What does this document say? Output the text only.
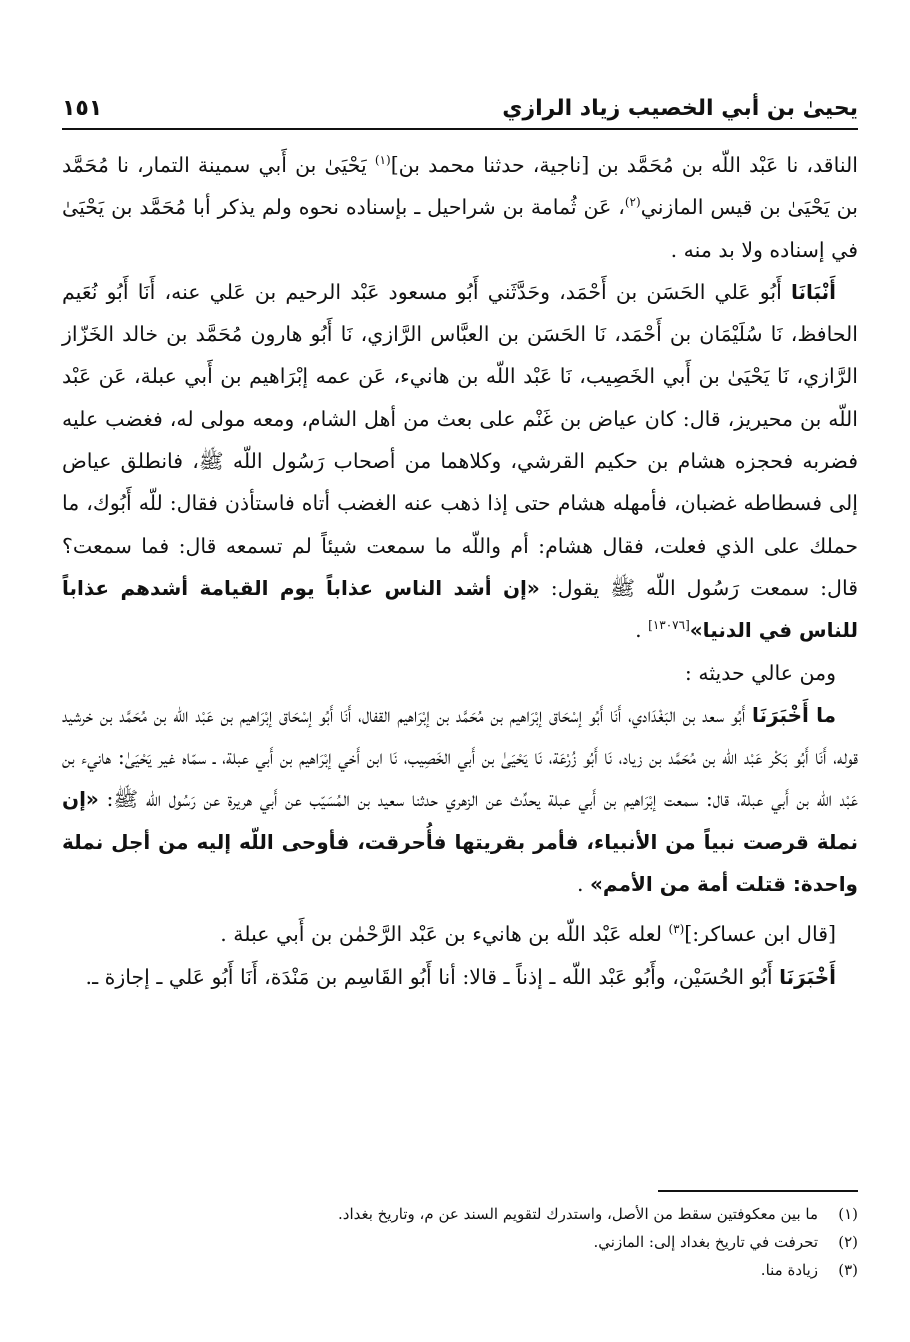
يحيىٰ بن أبي الخصيب زياد الرازي
١٥١

الناقد، نا عَبْد اللّه بن مُحَمَّد بن [ناجية، حدثنا محمد بن]$^{(١)}$ يَحْيَىٰ بن أَبي سمينة التمار، نا مُحَمَّد بن يَحْيَىٰ بن قيس المازني$^{(٢)}$، عَن ثُمامة بن شراحيل ـ بإسناده نحوه ولم يذكر أبا مُحَمَّد بن يَحْيَىٰ في إسناده ولا بد منه .

أَنْبَانَا أَبُو عَلي الحَسَن بن أَحْمَد، وحَدَّثَني أَبُو مسعود عَبْد الرحيم بن عَلي عنه، أَنَا أَبُو نُعَيم الحافظ، نَا سُلَيْمَان بن أَحْمَد، نَا الحَسَن بن العبَّاس الرَّازي، نَا أَبُو هارون مُحَمَّد بن خالد الخَزّاز الرَّازي، نَا يَحْيَىٰ بن أَبي الخَصِيب، نَا عَبْد اللّه بن هانيء، عَن عمه إبْرَاهيم بن أَبي عبلة، عَن عَبْد اللّه بن محيريز، قال: كان عياض بن غَنْم على بعث من أهل الشام، ومعه مولى له، فغضب عليه فضربه فحجزه هشام بن حكيم القرشي، وكلاهما من أصحاب رَسُول اللّه ﷺ، فانطلق عياض إلى فسطاطه غضبان، فأمهله هشام حتى إذا ذهب عنه الغضب أتاه فاستأذن فقال: للّه أَبُوك، ما حملك على الذي فعلت، فقال هشام: أم واللّه ما سمعت شيئاً لم تسمعه قال: فما سمعت؟ قال: سمعت رَسُول اللّه ﷺ يقول: «إن أشد الناس عذاباً يوم القيامة أشدهم عذاباً للناس في الدنيا»[١٣٠٧٦] .

ومن عالي حديثه :

ما أَخْبَرَنَا أَبُو سعد بن البَغْدَادي، أَنَا أَبُو إسْحَاق إبْرَاهيم بن مُحَمَّد بن إبْرَاهيم القفال، أَنَا أَبُو إسْحَاق إبْرَاهيم بن عَبْد اللّه بن مُحَمَّد بن خرشيد قوله، أَنَا أَبُو بَكْر عَبْد اللّه بن مُحَمَّد بن زياد، نَا أَبُو زُرْعَة، نَا يَحْيَىٰ بن أَبي الخَصِيب، نَا ابن أَخي إبْرَاهيم بن أَبي عبلة، ـ سمّاه غير يَحْيَىٰ: هانيء بن عَبْد اللّه بن أَبي عبلة، قال: سمعت إبْرَاهيم بن أَبي عبلة يحدِّث عن الزهري حدثنا سعيد بن المُسَيّب عن أَبي هريرة عن رَسُول اللّه ﷺ: «إن نملة قرصت نبياً من الأنبياء، فأمر بقريتها فأُحرقت، فأوحى اللّه إليه من أجل نملة واحدة: قتلت أمة من الأمم» .

[قال ابن عساكر:]$^{(٣)}$ لعله عَبْد اللّه بن هانيء بن عَبْد الرَّحْمٰن بن أَبي عبلة .

أَخْبَرَنَا أَبُو الحُسَيْن، وأَبُو عَبْد اللّه ـ إذناً ـ قالا: أنا أَبُو القَاسِم بن مَنْدَة، أَنَا أَبُو عَلي ـ إجازة ـ.

(١)
ما بين معكوفتين سقط من الأصل، واستدرك لتقويم السند عن م، وتاريخ بغداد.
(٢)
تحرفت في تاريخ بغداد إلى: المازني.
(٣)
زيادة منا.
